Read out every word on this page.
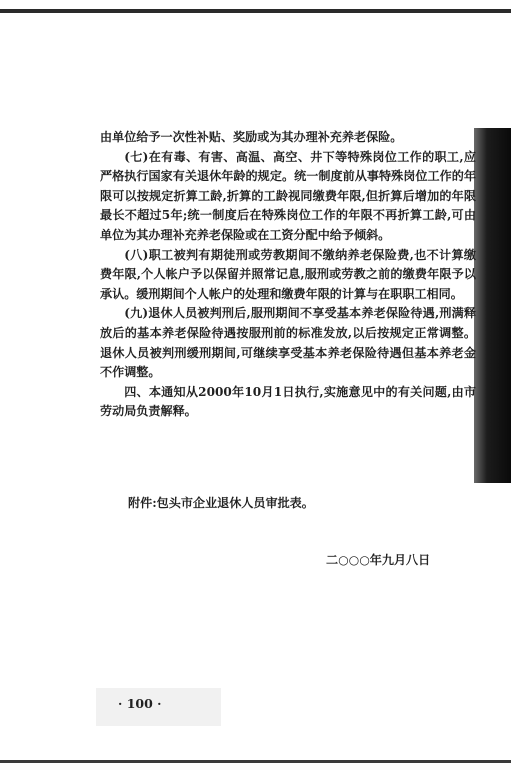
由单位给予一次性补贴、奖励或为其办理补充养老保险。

(七)在有毒、有害、高温、高空、井下等特殊岗位工作的职工,应严格执行国家有关退休年龄的规定。统一制度前从事特殊岗位工作的年限可以按规定折算工龄,折算的工龄视同缴费年限,但折算后增加的年限最长不超过5年;统一制度后在特殊岗位工作的年限不再折算工龄,可由单位为其办理补充养老保险或在工资分配中给予倾斜。

(八)职工被判有期徒刑或劳教期间不缴纳养老保险费,也不计算缴费年限,个人帐户予以保留并照常记息,服刑或劳教之前的缴费年限予以承认。缓刑期间个人帐户的处理和缴费年限的计算与在职职工相同。

(九)退休人员被判刑后,服刑期间不享受基本养老保险待遇,刑满释放后的基本养老保险待遇按服刑前的标准发放,以后按规定正常调整。退休人员被判刑缓刑期间,可继续享受基本养老保险待遇但基本养老金不作调整。

四、本通知从2000年10月1日执行,实施意见中的有关问题,由市劳动局负责解释。

附件:包头市企业退休人员审批表。
二○○○年九月八日
· 100 ·
